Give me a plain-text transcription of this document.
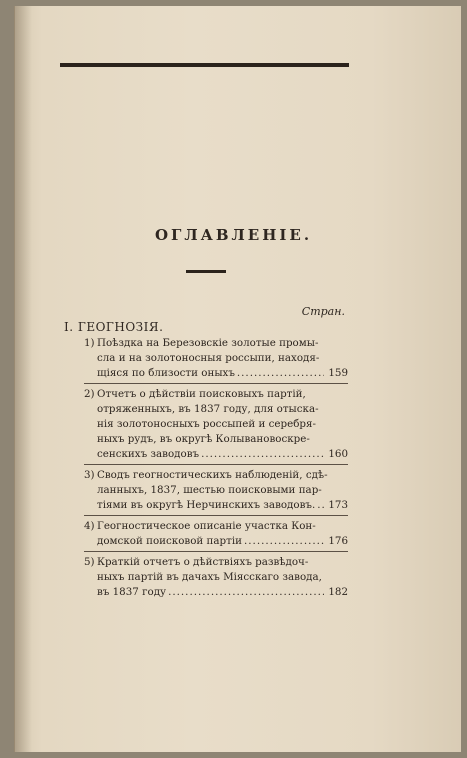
ОГЛАВЛЕНІЕ.
Стран.
I. ГЕОГНОЗІЯ.
1) Поѣздка на Березовскіе золотые промы-
сла и на золотоносныя россыпи, находя-
щіяся по близости оныхъ .....	159
2) Отчетъ о дѣйствіи поисковыхъ партій,
отряженныхъ, въ 1837 году, для отыска-
нія золотоносныхъ россыпей и серебря-
ныхъ рудъ, въ округѣ Колывановоскре-
сенскихъ заводовъ .....	160
3) Сводъ геогностическихъ наблюденій, сдѣ-
ланныхъ, 1837, шестью поисковыми пар-
тіями въ округѣ Нерчинскихъ заводовъ. ..... 173
4) Геогностическое описаніе участка Кон-
домской поисковой партіи .....	176
5) Краткій отчетъ о дѣйствіяхъ развѣдоч-
ныхъ партій въ дачахъ Міясскаго завода,
въ 1837 году .....	182
